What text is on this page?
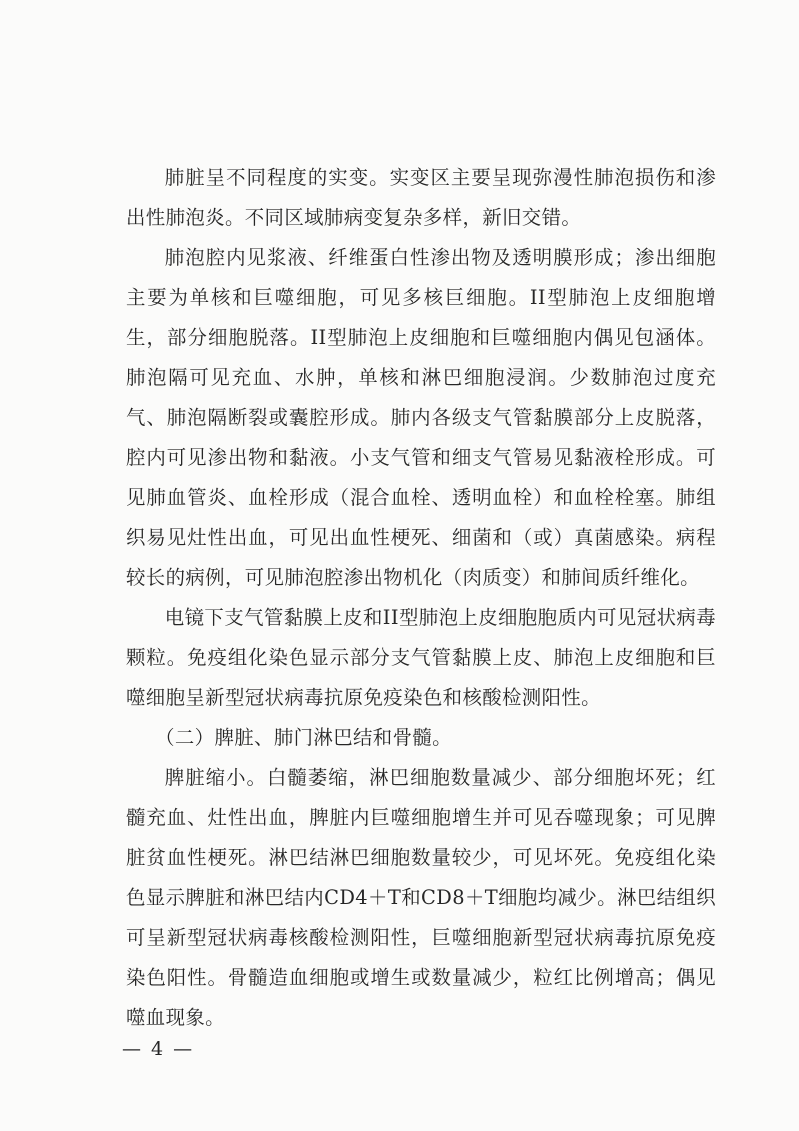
肺脏呈不同程度的实变。实变区主要呈现弥漫性肺泡损伤和渗出性肺泡炎。不同区域肺病变复杂多样，新旧交错。

肺泡腔内见浆液、纤维蛋白性渗出物及透明膜形成；渗出细胞主要为单核和巨噬细胞，可见多核巨细胞。II型肺泡上皮细胞增生，部分细胞脱落。II型肺泡上皮细胞和巨噬细胞内偶见包涵体。肺泡隔可见充血、水肿，单核和淋巴细胞浸润。少数肺泡过度充气、肺泡隔断裂或囊腔形成。肺内各级支气管黏膜部分上皮脱落，腔内可见渗出物和黏液。小支气管和细支气管易见黏液栓形成。可见肺血管炎、血栓形成（混合血栓、透明血栓）和血栓栓塞。肺组织易见灶性出血，可见出血性梗死、细菌和（或）真菌感染。病程较长的病例，可见肺泡腔渗出物机化（肉质变）和肺间质纤维化。

电镜下支气管黏膜上皮和II型肺泡上皮细胞胞质内可见冠状病毒颗粒。免疫组化染色显示部分支气管黏膜上皮、肺泡上皮细胞和巨噬细胞呈新型冠状病毒抗原免疫染色和核酸检测阳性。

（二）脾脏、肺门淋巴结和骨髓。

脾脏缩小。白髓萎缩，淋巴细胞数量减少、部分细胞坏死；红髓充血、灶性出血，脾脏内巨噬细胞增生并可见吞噬现象；可见脾脏贫血性梗死。淋巴结淋巴细胞数量较少，可见坏死。免疫组化染色显示脾脏和淋巴结内CD4＋T和CD8＋T细胞均减少。淋巴结组织可呈新型冠状病毒核酸检测阳性，巨噬细胞新型冠状病毒抗原免疫染色阳性。骨髓造血细胞或增生或数量减少，粒红比例增高；偶见噬血现象。

— 4 —
